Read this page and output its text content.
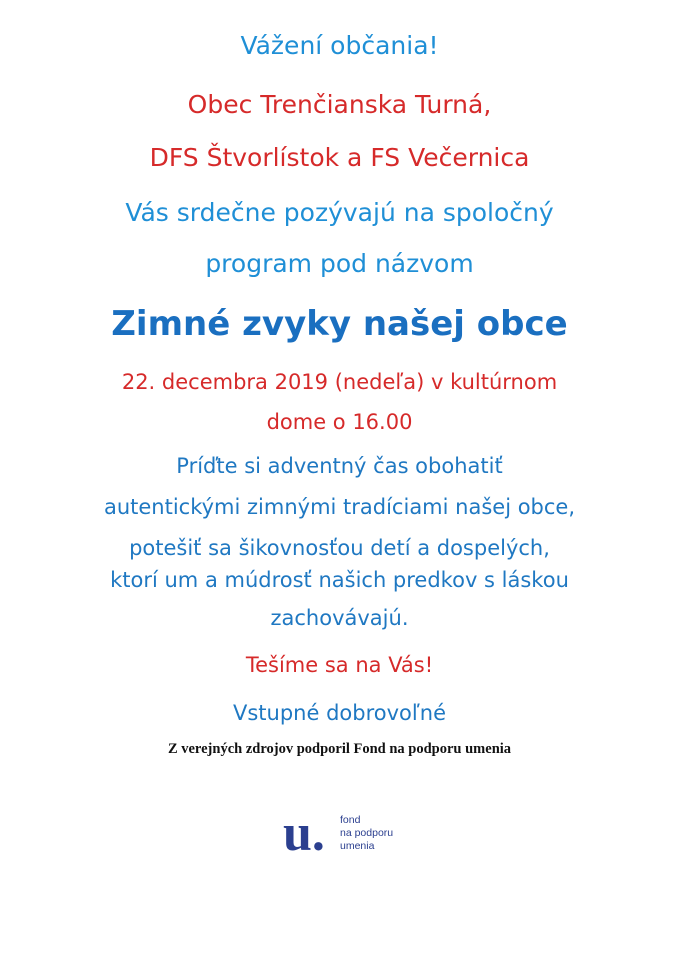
Vážení občania!

Obec Trenčianska Turná,

DFS Štvorlístok a FS Večernica

Vás srdečne pozývajú na spoločný

program pod názvom

Zimné zvyky našej obce

22. decembra 2019 (nedeľa) v kultúrnom

dome o 16.00

Príďte si adventný čas obohatiť

autentickými zimnými tradíciami našej obce,

potešiť sa šikovnosťou detí a dospelých,

ktorí um a múdrosť našich predkov s láskou

zachovávajú.

Tešíme sa na Vás!

Vstupné dobrovoľné

Z verejných zdrojov podporil Fond na podporu umenia

u. fond
na podporu
umenia
